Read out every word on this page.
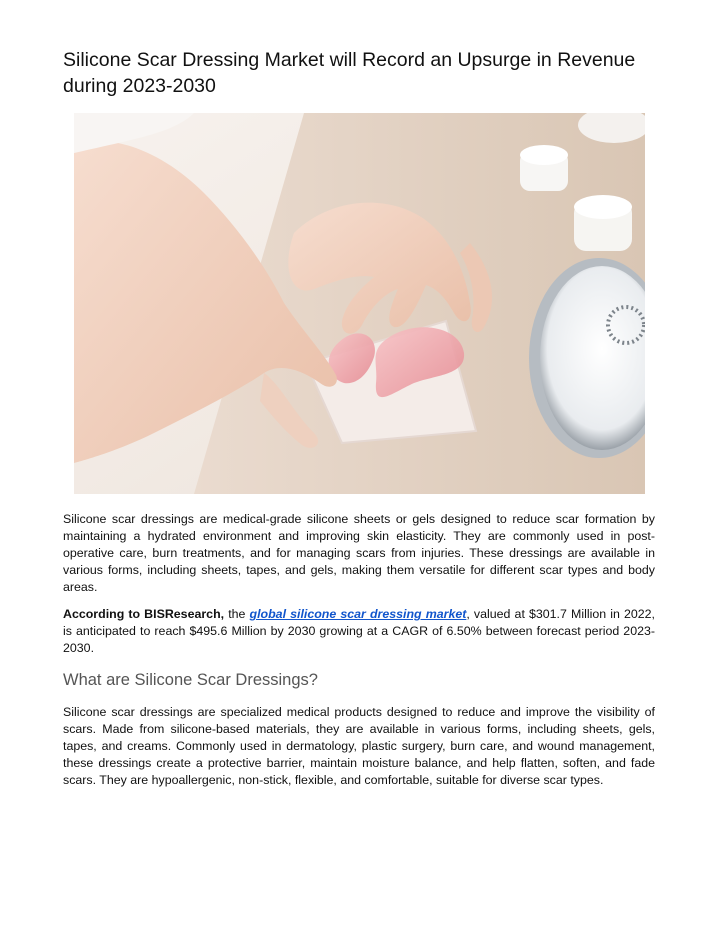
Silicone Scar Dressing Market will Record an Upsurge in Revenue during 2023-2030

Silicone scar dressings are medical-grade silicone sheets or gels designed to reduce scar formation by maintaining a hydrated environment and improving skin elasticity. They are commonly used in post-operative care, burn treatments, and for managing scars from injuries. These dressings are available in various forms, including sheets, tapes, and gels, making them versatile for different scar types and body areas.

According to BISResearch, the global silicone scar dressing market, valued at $301.7 Million in 2022, is anticipated to reach $495.6 Million by 2030 growing at a CAGR of 6.50% between forecast period 2023-2030.

What are Silicone Scar Dressings?

Silicone scar dressings are specialized medical products designed to reduce and improve the visibility of scars. Made from silicone-based materials, they are available in various forms, including sheets, gels, tapes, and creams. Commonly used in dermatology, plastic surgery, burn care, and wound management, these dressings create a protective barrier, maintain moisture balance, and help flatten, soften, and fade scars. They are hypoallergenic, non-stick, flexible, and comfortable, suitable for diverse scar types.
